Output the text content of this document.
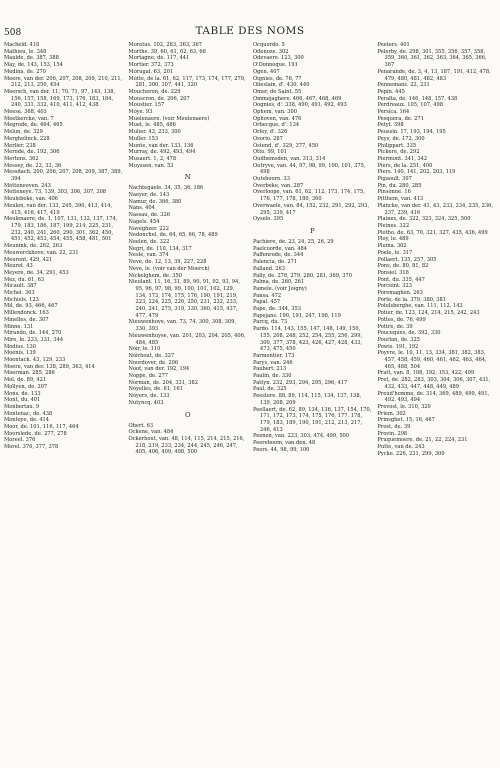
508	TABLE DES NOMS
Macheld. 418
Mathieu, le. 348
Maulde, de. 387, 388
May, de. 143, 153, 154
Medina, de. 270
Meere, van der. 206, 207, 208, 209, 210, 211, 212, 213, 250, 454
Meersch, van der. 11, 70, 71, 97, 143, 138, 156, 157, 158, 169, 173, 176, 183, 184, 240, 331, 332, 410, 411, 412, 438
Meese. 368, 403
Meetkercke, van. 7
Megrode, de. 464, 465
Melun, de. 329
Merghelinck. 228
Merlier. 238
Merode, de. 192, 306
Mertens. 362
Messey, de. 23, 33, 36
Messdach. 200, 206, 207, 208, 209, 387, 389, 394
Metteneoven. 243
Metteneye. 73, 139, 303, 306, 307, 308
Meulebeke, van. 406
Meulen, van der. 133, 245, 390, 413, 414, 415, 416, 417, 419
Meulenaere, de. 1, 107, 131, 132, 137, 174, 179, 183, 186, 187, 199, 214, 225, 231, 232, 240, 241, 260, 290, 301, 362, 450, 451, 452, 453, 454, 455, 458, 481, 501
Meunink, de. 262, 263
Meuwerckhove, van. 22, 231
Meurent. 429, 421
Meuret. 43
Meyere, de. 34, 291, 453
Mez, du. 61, 63
Micault. 387
Michel. 363
Michiels. 123
Mil, de. 93, 466, 467
Millendonck. 163
Minelles, de. 307
Minne. 131
Mirando, de. 144, 270
Mire, le. 233, 331, 344
Modius. 130
Moenis. 139
Moentack. 43, 129, 233
Moere, van der. 138, 289, 363, 414
Moerman. 285, 286
Mol, de. 89, 421
Mollyen, de. 207
Mons, de. 133
Mont, du. 401
Monbertau. 9
Montenac, de. 438
Montoye, de. 414
Moor, de. 101, 116, 117, 464
Moorslede, de. 277, 278
Moreel. 376
Morel. 376, 377, 378
Moretus. 102, 283, 363, 367
Morthe. 39, 60, 61, 62, 63, 68
Mortagne, de. 117, 441
Mortier. 372, 373
Morugal. 63, 201
Motte, de la. 61, 62, 117, 173, 174, 177, 279, 281, 300, 307, 441, 320
Moucheron, de. 229
Mouscron, de. 206, 207
Moustier. 157
Moye. 93
Muelenaere. (voir Meulenaere)
Muet, le. 485, 486
Mulier. 43, 233, 300
Muller. 153
Munte, van der. 133, 136
Murray, de. 492, 493, 494
Musaert. 1, 2, 478
Muyssen, van. 53
N
Nachtegaele. 34, 35, 36, 186
Naeyer, de. 143
Namur, de. 366, 380
Nans. 404
Nassau, de. 326
Nagels. 454
Naveghzer. 222
Nedonchel, de. 64, 65, 66, 78, 489
Neelen, de. 322
Negri, de. 110, 134, 317
Nesle, van. 374
Neve, de. 12, 13, 39, 227, 228
Neve, le. (voir van der Moerch)
Nickelghem, de. 350
Nieulant. 11, 16, 31, 89, 90, 91, 92, 93, 94, 95, 96, 97, 98, 99, 100, 101, 102, 129, 134, 173, 174, 175, 176, 190, 191, 219, 223, 224, 225, 226, 250, 231, 232, 233, 240, 241, 275, 319, 330, 360, 415, 437, 477, 479
Nieuwenhove, van. 73, 74, 300, 308, 309, 330, 393
Nieuwenhuyse, van. 201, 203, 204, 205, 406, 484, 485
Noir, le. 110
Noirhout, de. 327
Noordover, de. 206
Noot, van der. 192, 194
Noppe, de. 277
Norman, de. 204, 331, 382
Noyelles, de. 61, 161
Noyers, de. 133
Nutyncq. 403
O
Obert. 63
Ockene, van. 484
Ockerhout, van. 48, 114, 115, 214, 215, 216, 218, 219, 233, 234, 244, 245, 246, 247, 405, 406, 409, 498, 500
Ocquerdo. 5
Odenoze. 302
Odevaere. 123, 300
O'Donnoque. 191
Ogen. 407
Oignies, de. 76, 77
Olieslain, d'. 430, 440
Omer, de Saint. 55
Ommejaghere. 466, 467, 468, 469
Oognies, d'. 338, 490, 491, 492, 493
Ophem, van. 300
Ophoven, van. 476
Orbecque, d'. 134
Orley, d'. 326
Osorio. 287
Ostend, d'. 329, 377, 450
Otto. 99, 101
Oudhemsden, van. 313, 314
Outryve, van. 44, 97, 98, 99, 100, 101, 375, 498
Outshoorn. 33
Overbeke, van. 287
Overloope, van. 61, 62, 112, 173, 174, 175, 176, 177, 178, 180, 360
Overwaele, van. 84, 152, 232, 291, 292, 293, 295, 339, 417
Oyselo. 395
P
Pachiere, de. 23, 24, 25, 26, 29
Paelcoorde, van. 484
Paffenrode, de. 344
Palencia, de. 271
Palland. 263
Pally, de. 278, 279, 280, 281, 369, 370
Palma, de. 260, 261
Pamele. (voir Joigny)
Pansa. 472
Papal. 457
Pape, de. 344, 353
Papejans. 190, 191, 247, 198, 119
Parcq, du. 73
Pardo. 114, 143, 155, 147, 148, 149, 150, 155, 208, 248, 252, 254, 255, 256, 299, 300, 377, 378, 423, 426, 427, 428, 433, 473, 475, 450
Parmentier. 173
Parys, van. 246
Paubert. 213
Paulin, de. 330
Pattyn. 232, 293, 294, 295, 296, 417
Paul, de. 325
Peestere. 88, 89, 114, 115, 134, 137, 138, 139, 208, 209
Peellaert, de. 62, 89, 134, 136, 137, 154, 170, 171, 172, 173, 174, 175, 176, 177, 178, 179, 183, 189, 190, 191, 212, 213, 217, 246, 413
Peenen, van. 223, 303, 474, 499, 500
Peereboom, van den. 48
Peers. 44, 98, 99, 100
Peeters. 401
Pelerby, de. 298, 301, 355, 356, 357, 358, 359, 360, 361, 362, 363, 364, 365, 366, 367
Penarande, de. 3, 4, 13, 187, 191, 412, 478, 479, 480, 481, 482, 483
Pennemans. 22, 231
Pepin. 445
Peralta, de. 146, 148, 157, 438
Perdreaux. 105, 107, 498
Persica. 164
Pesquera, de. 271
Petyt. 398
Peussin. 17, 193, 194, 195
Peys, de. 172, 300
Philippart. 335
Pickere, de. 292
Piermont. 341, 342
Piers, de la. 251, 400
Piers. 140, 141, 202, 203, 119
Pigaoult. 307
Pin, du. 280, 285
Pinsonne. 16
Pitthem, van. 413
Plancke, van der. 41, 43, 233, 234, 235, 236, 237, 239, 416
Plaines, de. 322, 323, 324, 325, 500
Pleines. 322
Plotho, de. 63, 70, 321, 327, 435, 436, 499
Ploy, le. 489
Pluma. 302
Poele, le. 317
Pollaert. 135, 257, 305
Pons, de. 80, 81, 82
Ponsiel. 318
Pont, du. 335, 447
Porceint. 323
Poremaghen. 263
Porte, de la. 379, 380, 381
Potelsberghe, van. 111, 112, 143
Potier, de. 123, 124, 214, 215, 242, 243
Pottes, de. 76, 499
Pottre, de. 39
Pouceques, de. 392, 330
Pourlan, de. 325
Powis. 191, 192
Poyvre, le. 10, 11, 13, 334, 381, 382, 383, 457, 458, 459, 460, 461, 462, 463, 464, 465, 488, 504
Pratt, van. 8, 108, 192, 153, 422, 499
Pret, de. 282, 283, 303, 304, 306, 307, 431, 432, 433, 447, 448, 449, 489
Preud'homme, de. 314, 369, 489, 490, 491, 492, 493, 494
Prevost, le. 310, 320
Priem. 302
Prinsghet. 15, 16, 467
Prost, de. 39
Provin. 298
Pruquemoere, de. 21, 22, 224, 231
Putte, van de. 243
Pycke. 226, 231, 299, 300
